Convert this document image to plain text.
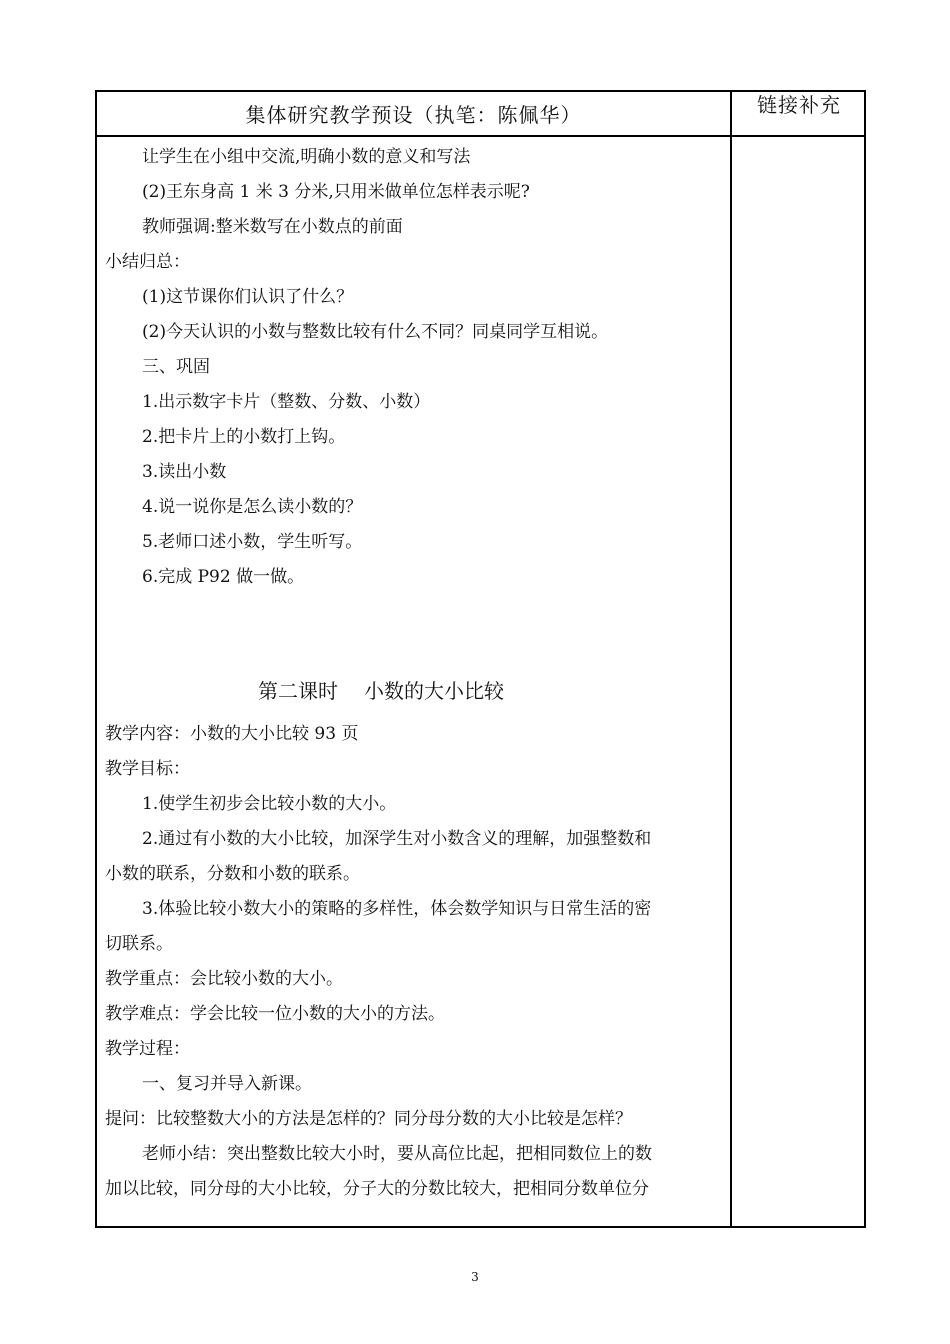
集体研究教学预设（执笔：陈佩华）	链接补充
让学生在小组中交流,明确小数的意义和写法
(2)王东身高 1 米 3 分米,只用米做单位怎样表示呢?
教师强调:整米数写在小数点的前面
小结归总：
(1)这节课你们认识了什么？
(2)今天认识的小数与整数比较有什么不同？同桌同学互相说。
三、巩固
1.出示数字卡片（整数、分数、小数）
2.把卡片上的小数打上钩。
3.读出小数
4.说一说你是怎么读小数的？
5.老师口述小数，学生听写。
6.完成 P92 做一做。
第二课时 小数的大小比较
教学内容：小数的大小比较 93 页
教学目标：
1.使学生初步会比较小数的大小。
2.通过有小数的大小比较，加深学生对小数含义的理解，加强整数和
小数的联系，分数和小数的联系。
3.体验比较小数大小的策略的多样性，体会数学知识与日常生活的密
切联系。
教学重点：会比较小数的大小。
教学难点：学会比较一位小数的大小的方法。
教学过程：
一、复习并导入新课。
提问：比较整数大小的方法是怎样的？同分母分数的大小比较是怎样？
老师小结：突出整数比较大小时，要从高位比起，把相同数位上的数
加以比较，同分母的大小比较，分子大的分数比较大，把相同分数单位分
3
